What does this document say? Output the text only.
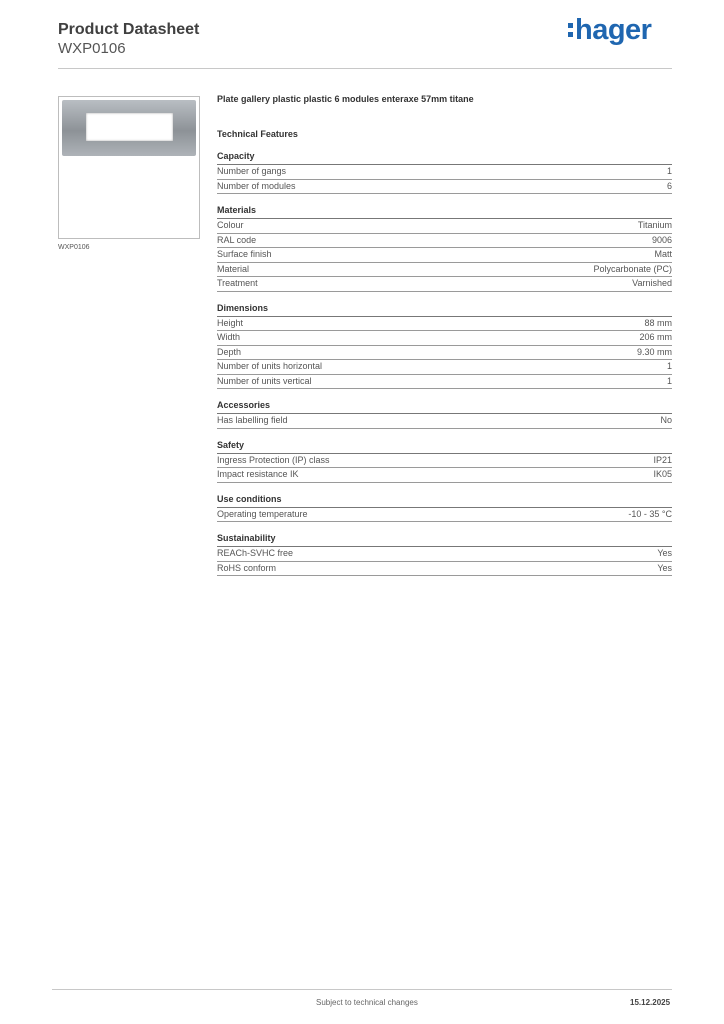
Product Datasheet
WXP0106
hager
WXP0106
Plate gallery plastic plastic 6 modules enteraxe 57mm titane
Technical Features
Capacity
Number of gangs	1
Number of modules	6
Materials
Colour	Titanium
RAL code	9006
Surface finish	Matt
Material	Polycarbonate (PC)
Treatment	Varnished
Dimensions
Height	88 mm
Width	206 mm
Depth	9.30 mm
Number of units horizontal	1
Number of units vertical	1
Accessories
Has labelling field	No
Safety
Ingress Protection (IP) class	IP21
Impact resistance IK	IK05
Use conditions
Operating temperature	-10 - 35 °C
Sustainability
REACh-SVHC free	Yes
RoHS conform	Yes
Subject to technical changes	15.12.2025
